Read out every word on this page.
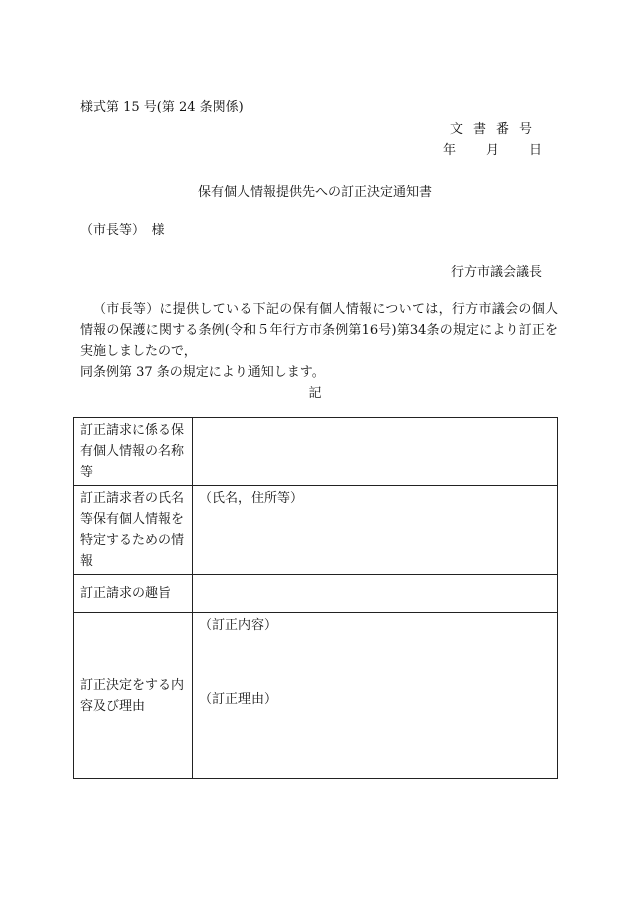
様式第 15 号(第 24 条関係)
文書番号
年 月 日
保有個人情報提供先への訂正決定通知書
（市長等）　様
行方市議会議長

（市長等）に提供している下記の保有個人情報については，行方市議会の個人情報の保護に関する条例(令和５年行方市条例第16号)第34条の規定により訂正を実施しましたので，

同条例第 37 条の規定により通知します。

記
訂正請求に係る保有個人情報の名称等	
訂正請求者の氏名等保有個人情報を特定するための情報	（氏名，住所等）
訂正請求の趣旨	
訂正決定をする内容及び理由	（訂正内容）
（訂正理由）
